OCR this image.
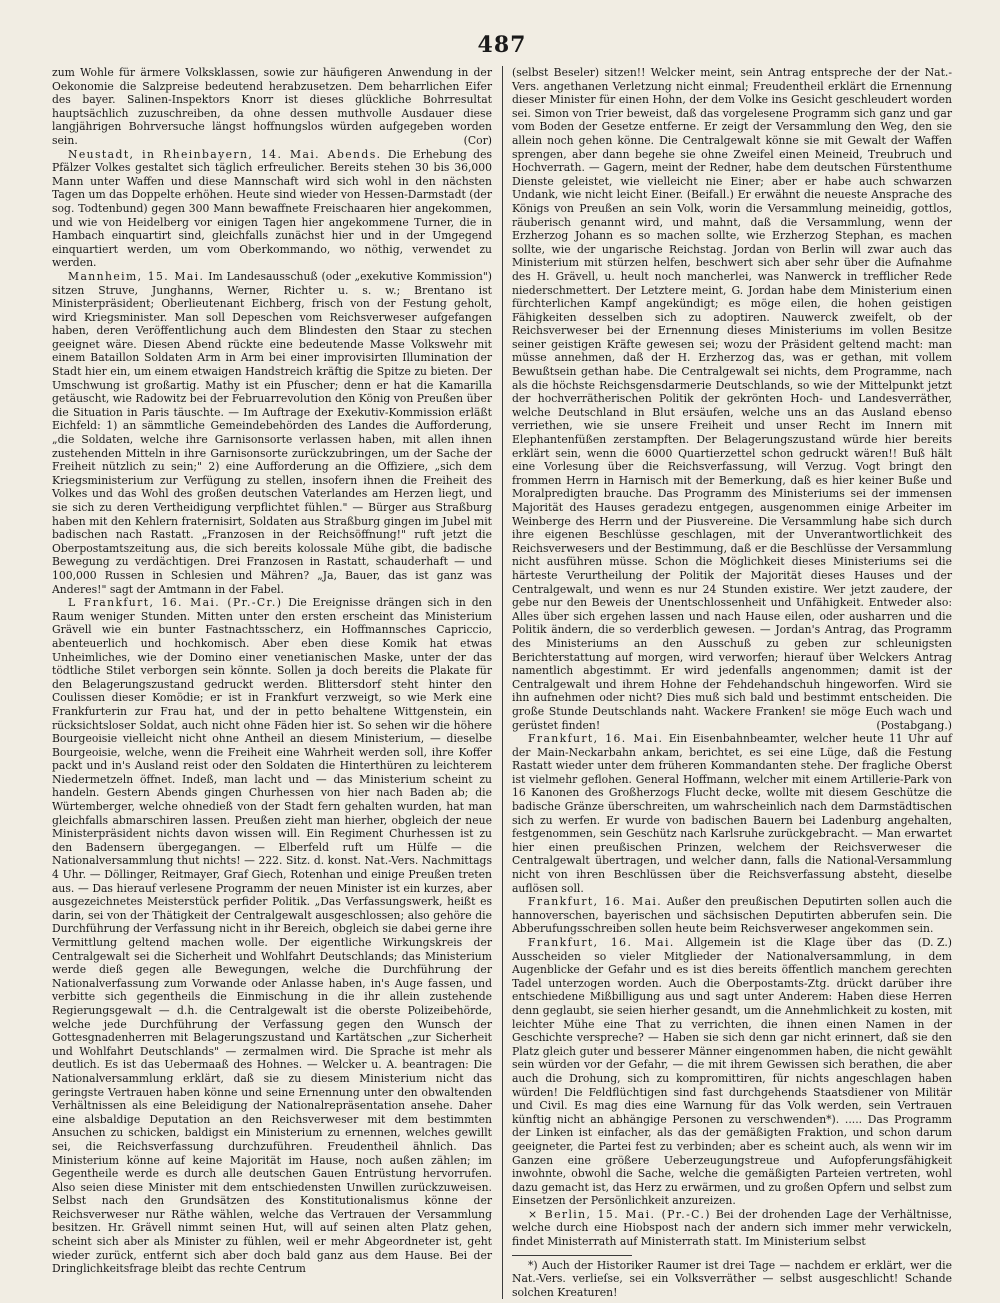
487

zum Wohle für ärmere Volksklassen, sowie zur häufigeren Anwendung in der Oekonomie die Salzpreise bedeutend herabzusetzen. Dem beharrlichen Eifer des bayer. Salinen-Inspektors Knorr ist dieses glückliche Bohrresultat hauptsächlich zuzuschreiben, da ohne dessen muthvolle Ausdauer diese langjährigen Bohrversuche längst hoffnungslos würden aufgegeben worden sein.	(Cor)

Neustadt, in Rheinbayern, 14. Mai. Abends. Die Erhebung des Pfälzer Volkes gestaltet sich täglich erfreulicher. Bereits stehen 30 bis 36,000 Mann unter Waffen und diese Mannschaft wird sich wohl in den nächsten Tagen um das Doppelte erhöhen. Heute sind wieder von Hessen-Darmstadt (der sog. Todtenbund) gegen 300 Mann bewaffnete Freischaaren hier angekommen, und wie von Heidelberg vor einigen Tagen hier angekommene Turner, die in Hambach einquartirt sind, gleichfalls zunächst hier und in der Umgegend einquartiert werden, um vom Oberkommando, wo nöthig, verwendet zu werden.

Mannheim, 15. Mai. Im Landesausschuß (oder „exekutive Kommission") sitzen Struve, Junghanns, Werner, Richter u. s. w.; Brentano ist Ministerpräsident; Oberlieutenant Eichberg, frisch von der Festung geholt, wird Kriegsminister. Man soll Depeschen vom Reichsverweser aufgefangen haben, deren Veröffentlichung auch dem Blindesten den Staar zu stechen geeignet wäre. Diesen Abend rückte eine bedeutende Masse Volkswehr mit einem Bataillon Soldaten Arm in Arm bei einer improvisirten Illumination der Stadt hier ein, um einem etwaigen Handstreich kräftig die Spitze zu bieten. Der Umschwung ist großartig. Mathy ist ein Pfuscher; denn er hat die Kamarilla getäuscht, wie Radowitz bei der Februarrevolution den König von Preußen über die Situation in Paris täuschte. — Im Auftrage der Exekutiv-Kommission erläßt Eichfeld: 1) an sämmtliche Gemeindebehörden des Landes die Aufforderung, „die Soldaten, welche ihre Garnisonsorte verlassen haben, mit allen ihnen zustehenden Mitteln in ihre Garnisonsorte zurückzubringen, um der Sache der Freiheit nützlich zu sein;" 2) eine Aufforderung an die Offiziere, „sich dem Kriegsministerium zur Verfügung zu stellen, insofern ihnen die Freiheit des Volkes und das Wohl des großen deutschen Vaterlandes am Herzen liegt, und sie sich zu deren Vertheidigung verpflichtet fühlen." — Bürger aus Straßburg haben mit den Kehlern fraternisirt, Soldaten aus Straßburg gingen im Jubel mit badischen nach Rastatt. „Franzosen in der Reichsöffnung!" ruft jetzt die Oberpostamtszeitung aus, die sich bereits kolossale Mühe gibt, die badische Bewegung zu verdächtigen. Drei Franzosen in Rastatt, schauderhaft — und 100,000 Russen in Schlesien und Mähren? „Ja, Bauer, das ist ganz was Anderes!" sagt der Amtmann in der Fabel.

L Frankfurt, 16. Mai. (Pr.-Cr.) Die Ereignisse drängen sich in den Raum weniger Stunden. Mitten unter den ersten erscheint das Ministerium Grävell wie ein bunter Fastnachtsscherz, ein Hoffmannsches Capriccio, abenteuerlich und hochkomisch. Aber eben diese Komik hat etwas Unheimliches, wie der Domino einer venetianischen Maske, unter der das tödtliche Stilet verborgen sein könnte. Sollen ja doch bereits die Plakate für den Belagerungszustand gedruckt werden. Blittersdorf steht hinter den Coulissen dieser Komödie; er ist in Frankfurt verzweigt, so wie Merk eine Frankfurterin zur Frau hat, und der in petto behaltene Wittgenstein, ein rücksichtsloser Soldat, auch nicht ohne Fäden hier ist. So sehen wir die höhere Bourgeoisie vielleicht nicht ohne Antheil an diesem Ministerium, — dieselbe Bourgeoisie, welche, wenn die Freiheit eine Wahrheit werden soll, ihre Koffer packt und in's Ausland reist oder den Soldaten die Hinterthüren zu leichterem Niedermetzeln öffnet. Indeß, man lacht und — das Ministerium scheint zu handeln. Gestern Abends gingen Churhessen von hier nach Baden ab; die Würtemberger, welche ohnedieß von der Stadt fern gehalten wurden, hat man gleichfalls abmarschiren lassen. Preußen zieht man hierher, obgleich der neue Ministerpräsident nichts davon wissen will. Ein Regiment Churhessen ist zu den Badensern übergegangen. — Elberfeld ruft um Hülfe — die Nationalversammlung thut nichts! — 222. Sitz. d. konst. Nat.-Vers. Nachmittags 4 Uhr. — Döllinger, Reitmayer, Graf Giech, Rotenhan und einige Preußen treten aus. — Das hierauf verlesene Programm der neuen Minister ist ein kurzes, aber ausgezeichnetes Meisterstück perfider Politik. „Das Verfassungswerk, heißt es darin, sei von der Thätigkeit der Centralgewalt ausgeschlossen; also gehöre die Durchführung der Verfassung nicht in ihr Bereich, obgleich sie dabei gerne ihre Vermittlung geltend machen wolle. Der eigentliche Wirkungskreis der Centralgewalt sei die Sicherheit und Wohlfahrt Deutschlands; das Ministerium werde dieß gegen alle Bewegungen, welche die Durchführung der Nationalverfassung zum Vorwande oder Anlasse haben, in's Auge fassen, und verbitte sich gegentheils die Einmischung in die ihr allein zustehende Regierungsgewalt — d.h. die Centralgewalt ist die oberste Polizeibehörde, welche jede Durchführung der Verfassung gegen den Wunsch der Gottesgnadenherren mit Belagerungszustand und Kartätschen „zur Sicherheit und Wohlfahrt Deutschlands" — zermalmen wird. Die Sprache ist mehr als deutlich. Es ist das Uebermaaß des Hohnes. — Welcker u. A. beantragen: Die Nationalversammlung erklärt, daß sie zu diesem Ministerium nicht das geringste Vertrauen haben könne und seine Ernennung unter den obwaltenden Verhältnissen als eine Beleidigung der Nationalrepräsentation ansehe. Daher eine alsbaldige Deputation an den Reichsverweser mit dem bestimmten Ansuchen zu schicken, baldigst ein Ministerium zu ernennen, welches gewillt sei, die Reichsverfassung durchzuführen. Freudentheil ähnlich. Das Ministerium könne auf keine Majorität im Hause, noch außen zählen; im Gegentheile werde es durch alle deutschen Gauen Entrüstung hervorrufen. Also seien diese Minister mit dem entschiedensten Unwillen zurückzuweisen. Selbst nach den Grundsätzen des Konstitutionalismus könne der Reichsverweser nur Räthe wählen, welche das Vertrauen der Versammlung besitzen. Hr. Grävell nimmt seinen Hut, will auf seinen alten Platz gehen, scheint sich aber als Minister zu fühlen, weil er mehr Abgeordneter ist, geht wieder zurück, entfernt sich aber doch bald ganz aus dem Hause. Bei der Dringlichkeitsfrage bleibt das rechte Centrum

(selbst Beseler) sitzen!! Welcker meint, sein Antrag entspreche der der Nat.-Vers. angethanen Verletzung nicht einmal; Freudentheil erklärt die Ernennung dieser Minister für einen Hohn, der dem Volke ins Gesicht geschleudert worden sei. Simon von Trier beweist, daß das vorgelesene Programm sich ganz und gar vom Boden der Gesetze entferne. Er zeigt der Versammlung den Weg, den sie allein noch gehen könne. Die Centralgewalt könne sie mit Gewalt der Waffen sprengen, aber dann begehe sie ohne Zweifel einen Meineid, Treubruch und Hochverrath. — Gagern, meint der Redner, habe dem deutschen Fürstenthume Dienste geleistet, wie vielleicht nie Einer; aber er habe auch schwarzen Undank, wie nicht leicht Einer. (Beifall.) Er erwähnt die neueste Ansprache des Königs von Preußen an sein Volk, worin die Versammlung meineidig, gottlos, räuberisch genannt wird, und mahnt, daß die Versammlung, wenn der Erzherzog Johann es so machen sollte, wie Erzherzog Stephan, es machen sollte, wie der ungarische Reichstag. Jordan von Berlin will zwar auch das Ministerium mit stürzen helfen, beschwert sich aber sehr über die Aufnahme des H. Grävell, u. heult noch mancherlei, was Nanwerck in trefflicher Rede niederschmettert. Der Letztere meint, G. Jordan habe dem Ministerium einen fürchterlichen Kampf angekündigt; es möge eilen, die hohen geistigen Fähigkeiten desselben sich zu adoptiren. Nauwerck zweifelt, ob der Reichsverweser bei der Ernennung dieses Ministeriums im vollen Besitze seiner geistigen Kräfte gewesen sei; wozu der Präsident geltend macht: man müsse annehmen, daß der H. Erzherzog das, was er gethan, mit vollem Bewußtsein gethan habe. Die Centralgewalt sei nichts, dem Programme, nach als die höchste Reichsgensdarmerie Deutschlands, so wie der Mittelpunkt jetzt der hochverrätherischen Politik der gekrönten Hoch- und Landesverräther, welche Deutschland in Blut ersäufen, welche uns an das Ausland ebenso verriethen, wie sie unsere Freiheit und unser Recht im Innern mit Elephantenfüßen zerstampften. Der Belagerungszustand würde hier bereits erklärt sein, wenn die 6000 Quartierzettel schon gedruckt wären!! Buß hält eine Vorlesung über die Reichsverfassung, will Verzug. Vogt bringt den frommen Herrn in Harnisch mit der Bemerkung, daß es hier keiner Buße und Moralpredigten brauche. Das Programm des Ministeriums sei der immensen Majorität des Hauses geradezu entgegen, ausgenommen einige Arbeiter im Weinberge des Herrn und der Piusvereine. Die Versammlung habe sich durch ihre eigenen Beschlüsse geschlagen, mit der Unverantwortlichkeit des Reichsverwesers und der Bestimmung, daß er die Beschlüsse der Versammlung nicht ausführen müsse. Schon die Möglichkeit dieses Ministeriums sei die härteste Verurtheilung der Politik der Majorität dieses Hauses und der Centralgewalt, und wenn es nur 24 Stunden existire. Wer jetzt zaudere, der gebe nur den Beweis der Unentschlossenheit und Unfähigkeit. Entweder also: Alles über sich ergehen lassen und nach Hause eilen, oder ausharren und die Politik ändern, die so verderblich gewesen. — Jordan's Antrag, das Programm des Ministeriums an den Ausschuß zu geben zur schleunigsten Berichterstattung auf morgen, wird verworfen; hierauf über Welckers Antrag namentlich abgestimmt. Er wird jedenfalls angenommen; damit ist der Centralgewalt und ihrem Hohne der Fehdehandschuh hingeworfen. Wird sie ihn aufnehmen oder nicht? Dies muß sich bald und bestimmt entscheiden. Die große Stunde Deutschlands naht. Wackere Franken! sie möge Euch wach und gerüstet finden!	(Postabgang.)

Frankfurt, 16. Mai. Ein Eisenbahnbeamter, welcher heute 11 Uhr auf der Main-Neckarbahn ankam, berichtet, es sei eine Lüge, daß die Festung Rastatt wieder unter dem früheren Kommandanten stehe. Der fragliche Oberst ist vielmehr geflohen. General Hoffmann, welcher mit einem Artillerie-Park von 16 Kanonen des Großherzogs Flucht decke, wollte mit diesem Geschütze die badische Gränze überschreiten, um wahrscheinlich nach dem Darmstädtischen sich zu werfen. Er wurde von badischen Bauern bei Ladenburg angehalten, festgenommen, sein Geschütz nach Karlsruhe zurückgebracht. — Man erwartet hier einen preußischen Prinzen, welchem der Reichsverweser die Centralgewalt übertragen, und welcher dann, falls die National-Versammlung nicht von ihren Beschlüssen über die Reichsverfassung absteht, dieselbe auflösen soll.

Frankfurt, 16. Mai. Außer den preußischen Deputirten sollen auch die hannoverschen, bayerischen und sächsischen Deputirten abberufen sein. Die Abberufungsschreiben sollen heute beim Reichsverweser angekommen sein.
(D. Z.)

Frankfurt, 16. Mai. Allgemein ist die Klage über das Ausscheiden so vieler Mitglieder der Nationalversammlung, in dem Augenblicke der Gefahr und es ist dies bereits öffentlich manchem gerechten Tadel unterzogen worden. Auch die Oberpostamts-Ztg. drückt darüber ihre entschiedene Mißbilligung aus und sagt unter Anderem: Haben diese Herren denn geglaubt, sie seien hierher gesandt, um die Annehmlichkeit zu kosten, mit leichter Mühe eine That zu verrichten, die ihnen einen Namen in der Geschichte verspreche? — Haben sie sich denn gar nicht erinnert, daß sie den Platz gleich guter und besserer Männer eingenommen haben, die nicht gewählt sein würden vor der Gefahr, — die mit ihrem Gewissen sich berathen, die aber auch die Drohung, sich zu kompromittiren, für nichts angeschlagen haben würden! Die Feldflüchtigen sind fast durchgehends Staatsdiener von Militär und Civil. Es mag dies eine Warnung für das Volk werden, sein Vertrauen künftig nicht an abhängige Personen zu verschwenden*). ..... Das Programm der Linken ist einfacher, als das der gemäßigten Fraktion, und schon darum geeigneter, die Partei fest zu verbinden; aber es scheint auch, als wenn wir im Ganzen eine größere Ueberzeugungstreue und Aufopferungsfähigkeit inwohnte, obwohl die Sache, welche die gemäßigten Parteien vertreten, wohl dazu gemacht ist, das Herz zu erwärmen, und zu großen Opfern und selbst zum Einsetzen der Persönlichkeit anzureizen.

× Berlin, 15. Mai. (Pr.-C.) Bei der drohenden Lage der Verhältnisse, welche durch eine Hiobspost nach der andern sich immer mehr verwickeln, findet Ministerrath auf Ministerrath statt. Im Ministerium selbst

*) Auch der Historiker Raumer ist drei Tage — nachdem er erklärt, wer die Nat.-Vers. verlieſse, sei ein Volksverräther — selbst ausgeschlicht! Schande solchen Kreaturen!
